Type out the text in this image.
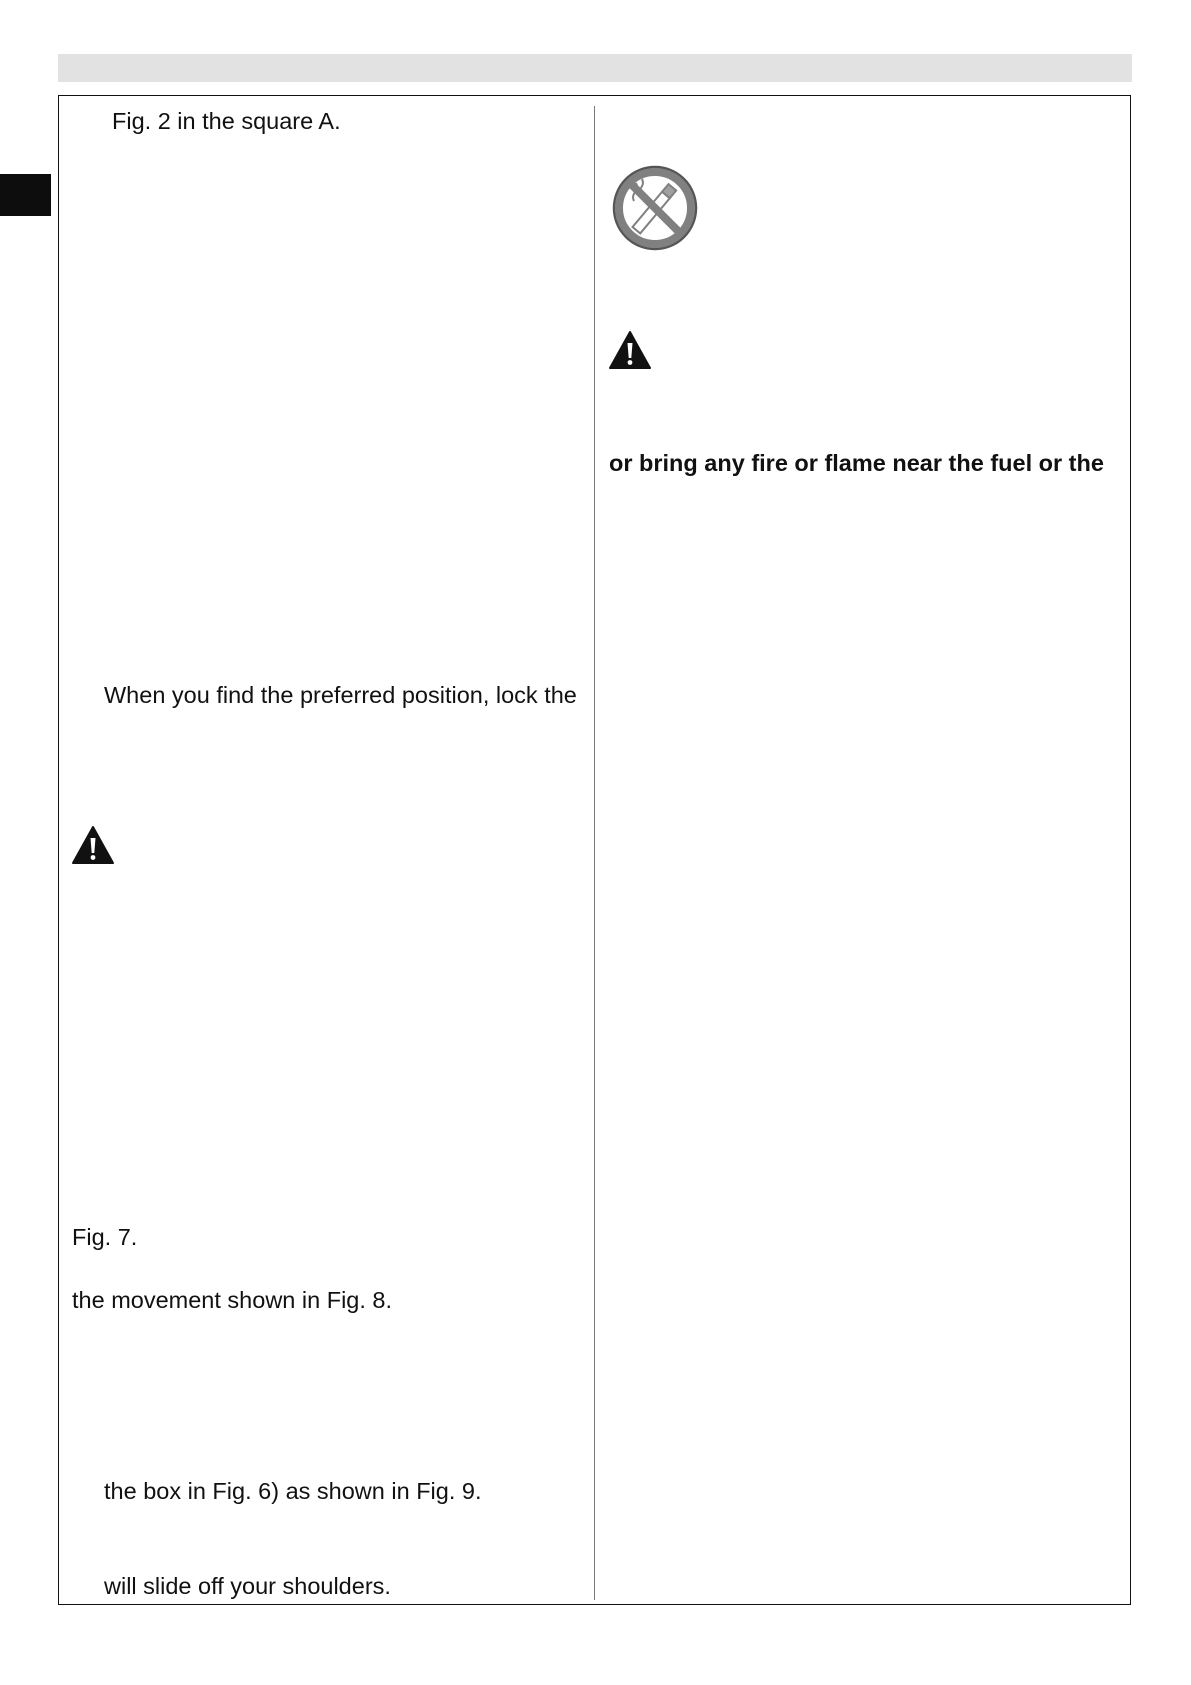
Fig. 2 in the square A.
When you find the preferred position, lock the
Fig. 7.
the movement shown in Fig. 8.
the box in Fig. 6) as shown in Fig. 9.
will slide off your shoulders.
or bring any fire or flame near the fuel or the
